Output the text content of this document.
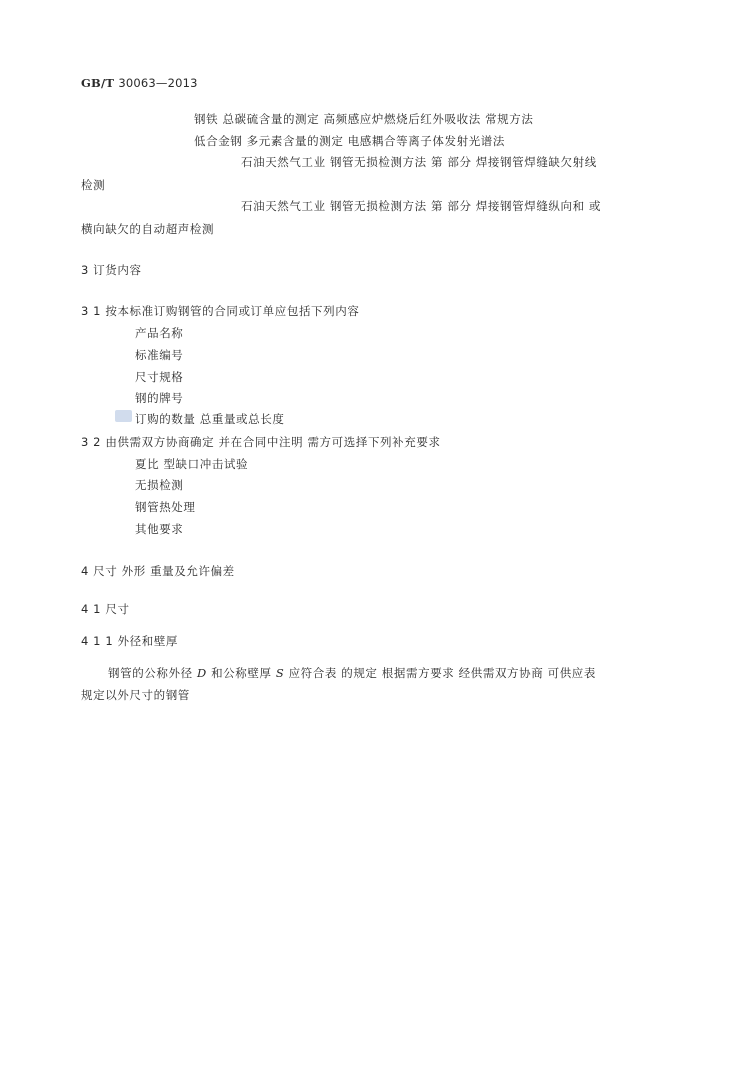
GB/T 30063—2013
钢铁 总碳硫含量的测定 高频感应炉燃烧后红外吸收法 常规方法
低合金钢 多元素含量的测定 电感耦合等离子体发射光谱法
石油天然气工业 钢管无损检测方法 第 部分 焊接钢管焊缝缺欠射线
检测
石油天然气工业 钢管无损检测方法 第 部分 焊接钢管焊缝纵向和 或
横向缺欠的自动超声检测
3 订货内容
3 1 按本标准订购钢管的合同或订单应包括下列内容
产品名称
标准编号
尺寸规格
钢的牌号
订购的数量 总重量或总长度
3 2 由供需双方协商确定 并在合同中注明 需方可选择下列补充要求
夏比 型缺口冲击试验
无损检测
钢管热处理
其他要求
4 尺寸 外形 重量及允许偏差
4 1 尺寸
4 1 1 外径和壁厚
钢管的公称外径 D 和公称壁厚 S 应符合表 的规定 根据需方要求 经供需双方协商 可供应表
规定以外尺寸的钢管
